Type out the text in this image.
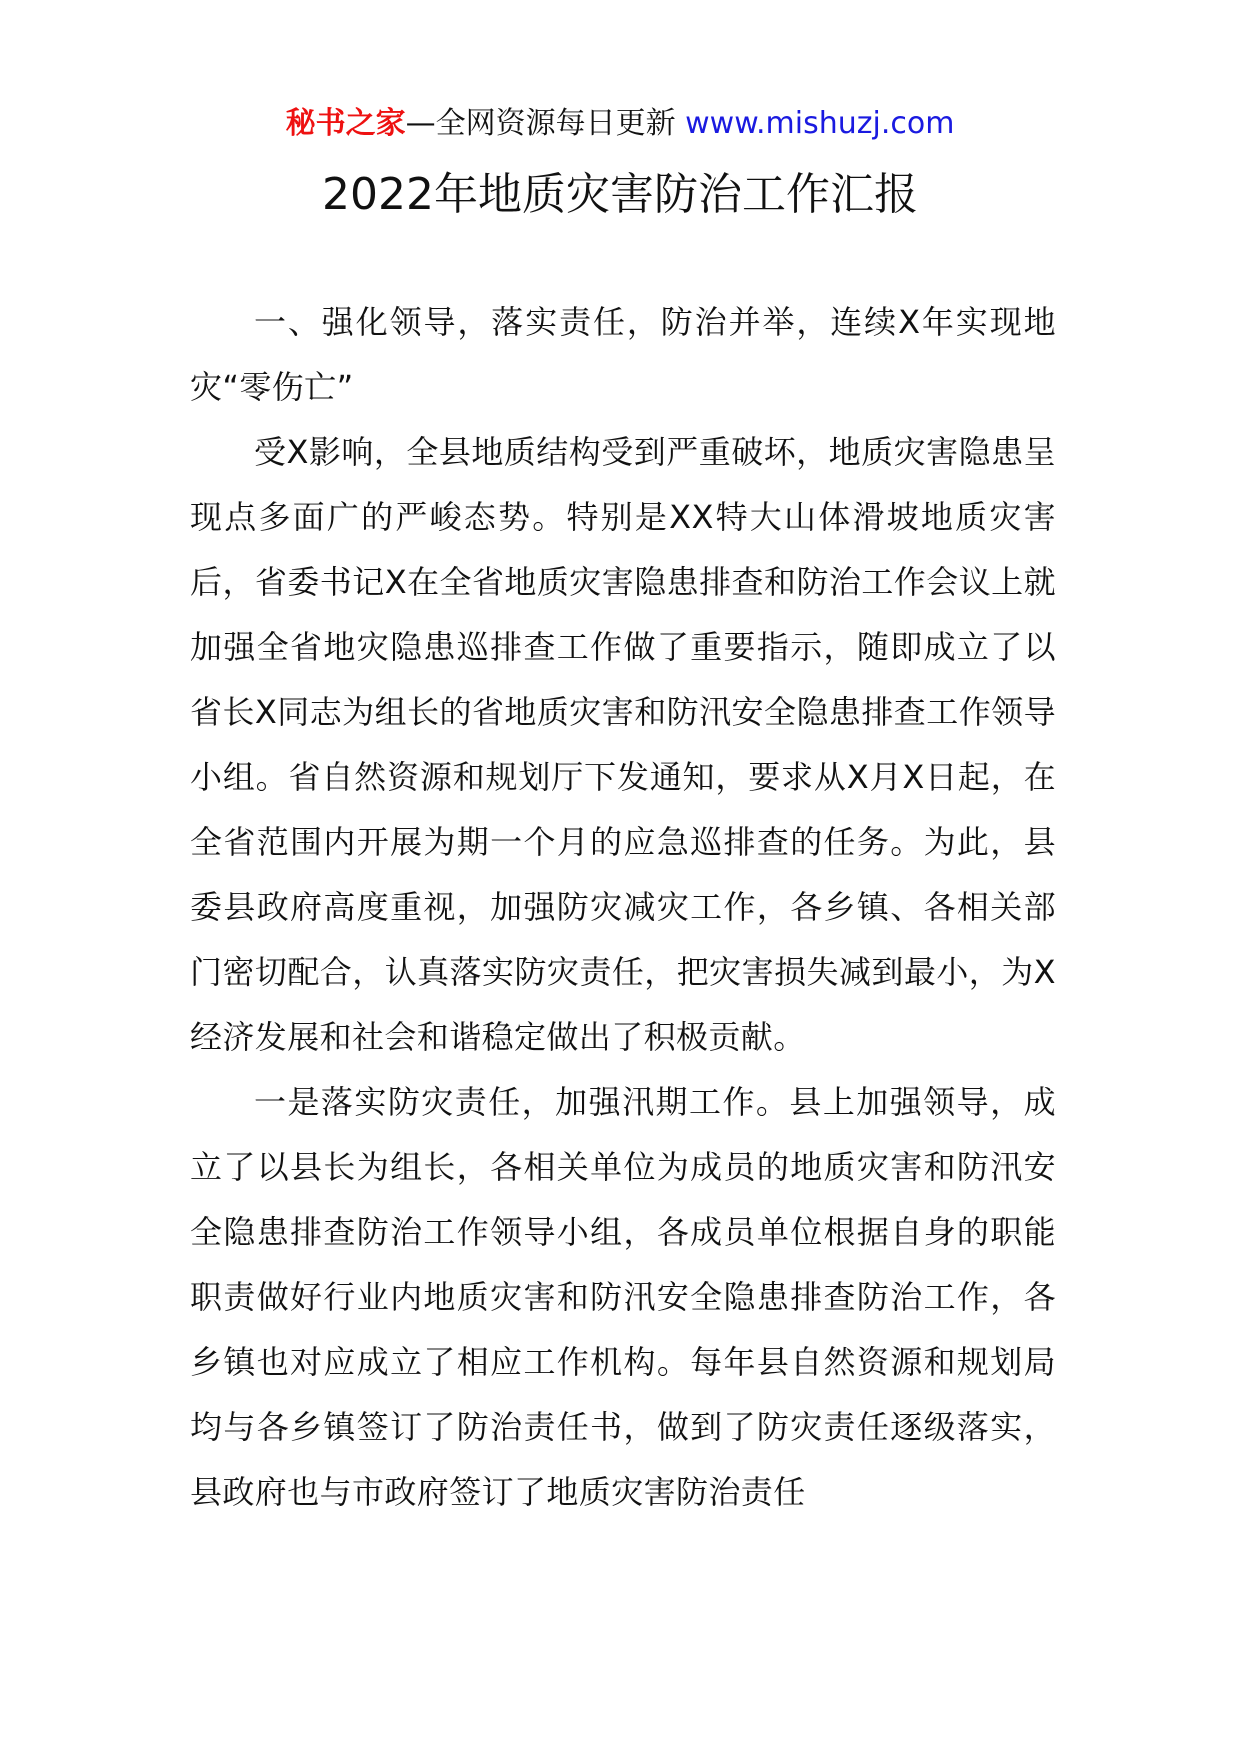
秘书之家—全网资源每日更新 www.mishuzj.com
2022年地质灾害防治工作汇报

一、强化领导，落实责任，防治并举，连续X年实现地灾“零伤亡”

受X影响，全县地质结构受到严重破坏，地质灾害隐患呈现点多面广的严峻态势。特别是XX特大山体滑坡地质灾害后，省委书记X在全省地质灾害隐患排查和防治工作会议上就加强全省地灾隐患巡排查工作做了重要指示，随即成立了以省长X同志为组长的省地质灾害和防汛安全隐患排查工作领导小组。省自然资源和规划厅下发通知，要求从X月X日起，在全省范围内开展为期一个月的应急巡排查的任务。为此，县委县政府高度重视，加强防灾减灾工作，各乡镇、各相关部门密切配合，认真落实防灾责任，把灾害损失减到最小，为X经济发展和社会和谐稳定做出了积极贡献。

一是落实防灾责任，加强汛期工作。县上加强领导，成立了以县长为组长，各相关单位为成员的地质灾害和防汛安全隐患排查防治工作领导小组，各成员单位根据自身的职能职责做好行业内地质灾害和防汛安全隐患排查防治工作，各乡镇也对应成立了相应工作机构。每年县自然资源和规划局均与各乡镇签订了防治责任书，做到了防灾责任逐级落实，县政府也与市政府签订了地质灾害防治责任
